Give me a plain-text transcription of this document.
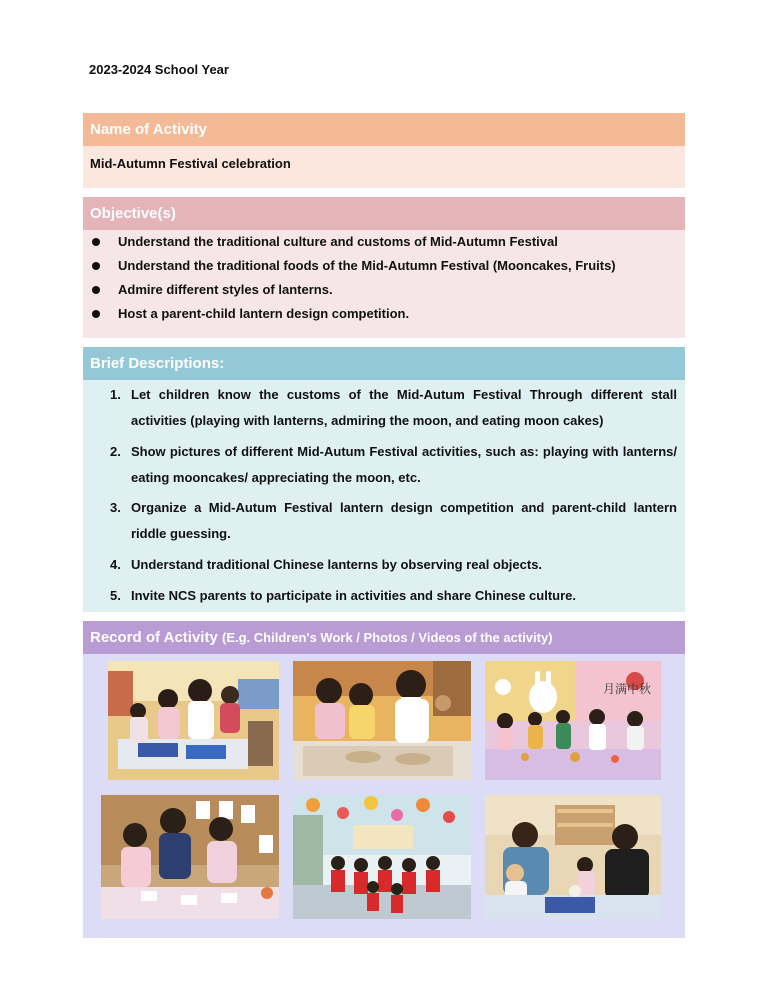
2023-2024 School Year
Name of Activity
Mid-Autumn Festival celebration
Objective(s)
Understand the traditional culture and customs of Mid-Autumn Festival
Understand the traditional foods of the Mid-Autumn Festival (Mooncakes, Fruits)
Admire different styles of lanterns.
Host a parent-child lantern design competition.
Brief Descriptions:
1. Let children know the customs of the Mid-Autum Festival Through different stall activities (playing with lanterns, admiring the moon, and eating moon cakes)
2. Show pictures of different Mid-Autum Festival activities, such as: playing with lanterns/ eating mooncakes/ appreciating the moon, etc.
3. Organize a Mid-Autum Festival lantern design competition and parent-child lantern riddle guessing.
4. Understand traditional Chinese lanterns by observing real objects.
5. Invite NCS parents to participate in activities and share Chinese culture.
Record of Activity (E.g. Children's Work / Photos / Videos of the activity)
月满中秋
